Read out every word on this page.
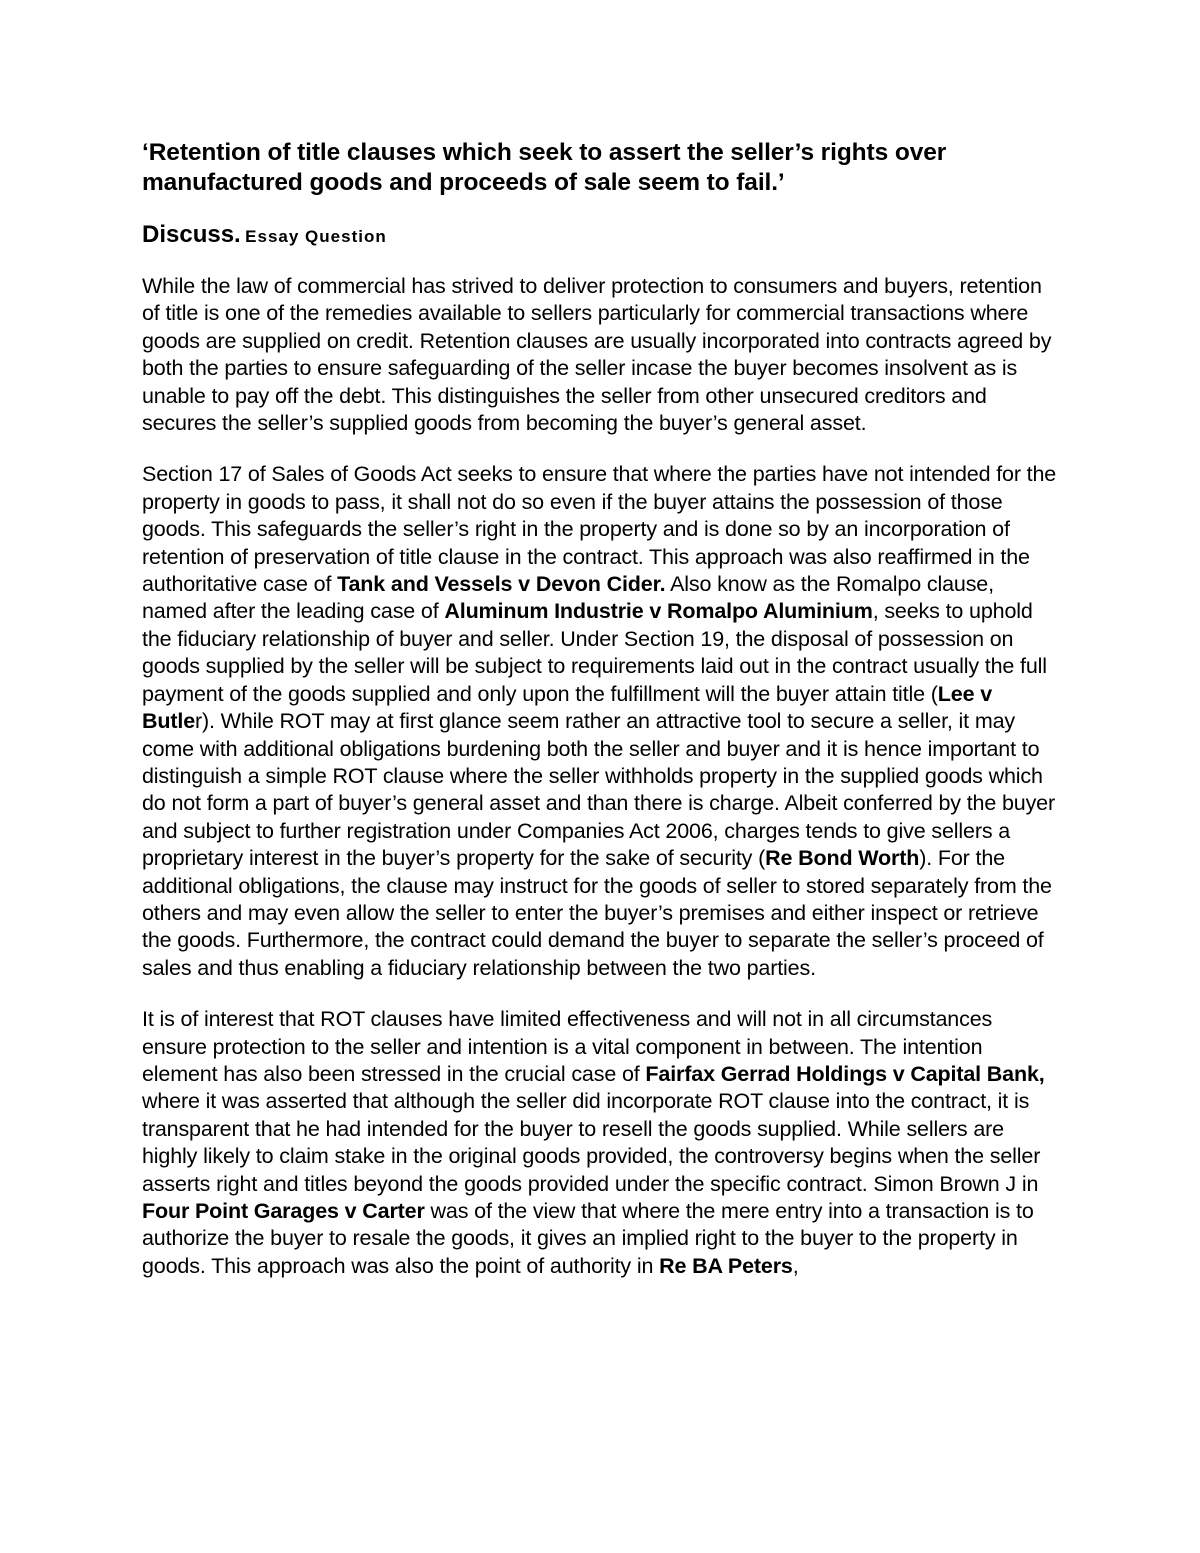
‘Retention of title clauses which seek to assert the seller’s rights over manufactured goods and proceeds of sale seem to fail.’
Discuss. Essay Question

While the law of commercial has strived to deliver protection to consumers and buyers, retention of title is one of the remedies available to sellers particularly for commercial transactions where goods are supplied on credit. Retention clauses are usually incorporated into contracts agreed by both the parties to ensure safeguarding of the seller incase the buyer becomes insolvent as is unable to pay off the debt. This distinguishes the seller from other unsecured creditors and secures the seller’s supplied goods from becoming the buyer’s general asset.

Section 17 of Sales of Goods Act seeks to ensure that where the parties have not intended for the property in goods to pass, it shall not do so even if the buyer attains the possession of those goods. This safeguards the seller’s right in the property and is done so by an incorporation of retention of preservation of title clause in the contract. This approach was also reaffirmed in the authoritative case of Tank and Vessels v Devon Cider. Also know as the Romalpo clause, named after the leading case of Aluminum Industrie v Romalpo Aluminium, seeks to uphold the fiduciary relationship of buyer and seller. Under Section 19, the disposal of possession on goods supplied by the seller will be subject to requirements laid out in the contract usually the full payment of the goods supplied and only upon the fulfillment will the buyer attain title (Lee v Butler). While ROT may at first glance seem rather an attractive tool to secure a seller, it may come with additional obligations burdening both the seller and buyer and it is hence important to distinguish a simple ROT clause where the seller withholds property in the supplied goods which do not form a part of buyer’s general asset and than there is charge. Albeit conferred by the buyer and subject to further registration under Companies Act 2006, charges tends to give sellers a proprietary interest in the buyer’s property for the sake of security (Re Bond Worth). For the additional obligations, the clause may instruct for the goods of seller to stored separately from the others and may even allow the seller to enter the buyer’s premises and either inspect or retrieve the goods. Furthermore, the contract could demand the buyer to separate the seller’s proceed of sales and thus enabling a fiduciary relationship between the two parties.

It is of interest that ROT clauses have limited effectiveness and will not in all circumstances ensure protection to the seller and intention is a vital component in between. The intention element has also been stressed in the crucial case of Fairfax Gerrad Holdings v Capital Bank, where it was asserted that although the seller did incorporate ROT clause into the contract, it is transparent that he had intended for the buyer to resell the goods supplied. While sellers are highly likely to claim stake in the original goods provided, the controversy begins when the seller asserts right and titles beyond the goods provided under the specific contract. Simon Brown J in Four Point Garages v Carter was of the view that where the mere entry into a transaction is to authorize the buyer to resale the goods, it gives an implied right to the buyer to the property in goods. This approach was also the point of authority in Re BA Peters,
